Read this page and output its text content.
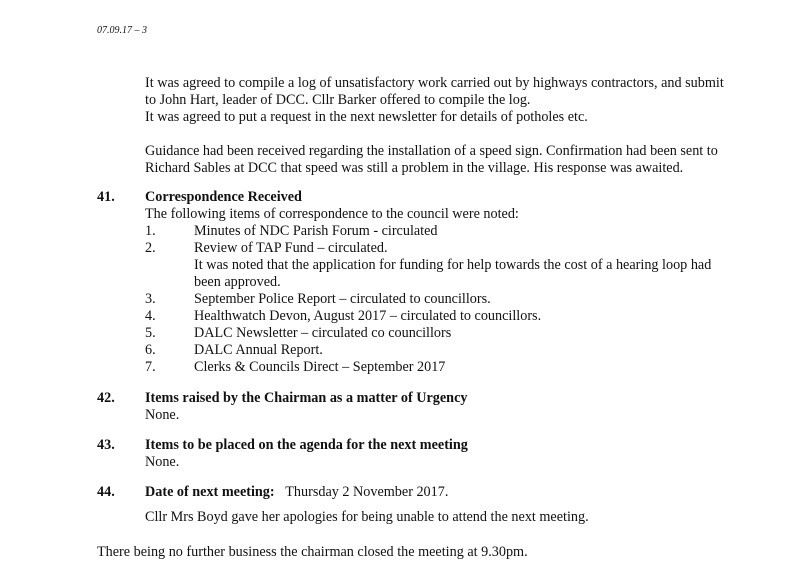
07.09.17 – 3

It was agreed to compile a log of unsatisfactory work carried out by highways contractors, and submit

to John Hart, leader of DCC. Cllr Barker offered to compile the log.

It was agreed to put a request in the next newsletter for details of potholes etc.

Guidance had been received regarding the installation of a speed sign. Confirmation had been sent to

Richard Sables at DCC that speed was still a problem in the village. His response was awaited.

41. Correspondence Received

The following items of correspondence to the council were noted:

1.	Minutes of NDC Parish Forum - circulated
2.	Review of TAP Fund – circulated.
It was noted that the application for funding for help towards the cost of a hearing loop had
been approved.
3.	September Police Report – circulated to councillors.
4.	Healthwatch Devon, August 2017 – circulated to councillors.
5.	DALC Newsletter – circulated co councillors
6.	DALC Annual Report.
7.	Clerks & Councils Direct – September 2017
42. Items raised by the Chairman as a matter of Urgency

None.

43. Items to be placed on the agenda for the next meeting

None.

44. Date of next meeting: Thursday 2 November 2017.

Cllr Mrs Boyd gave her apologies for being unable to attend the next meeting.

There being no further business the chairman closed the meeting at 9.30pm.
